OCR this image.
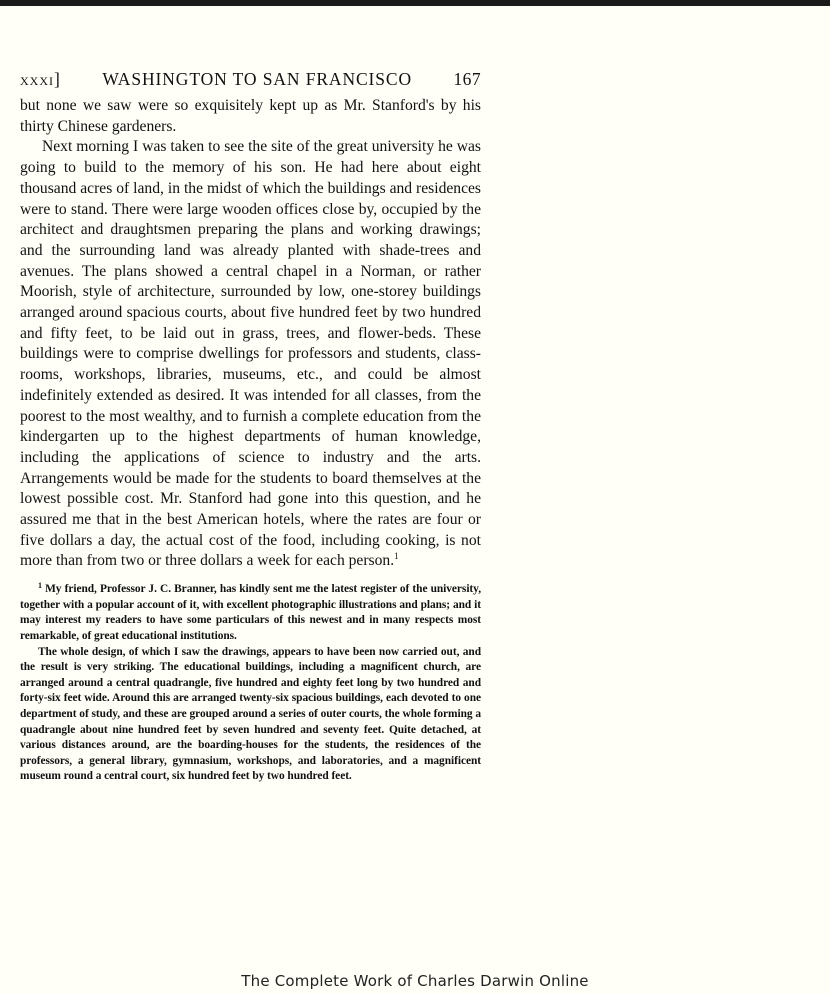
xxxi] WASHINGTON TO SAN FRANCISCO 167

but none we saw were so exquisitely kept up as Mr. Stanford's by his thirty Chinese gardeners.

Next morning I was taken to see the site of the great university he was going to build to the memory of his son. He had here about eight thousand acres of land, in the midst of which the buildings and residences were to stand. There were large wooden offices close by, occupied by the architect and draughtsmen preparing the plans and working drawings; and the surrounding land was already planted with shade-trees and avenues. The plans showed a central chapel in a Norman, or rather Moorish, style of architecture, surrounded by low, one-storey buildings arranged around spacious courts, about five hundred feet by two hundred and fifty feet, to be laid out in grass, trees, and flower-beds. These buildings were to comprise dwellings for professors and students, class-rooms, workshops, libraries, museums, etc., and could be almost indefinitely extended as desired. It was intended for all classes, from the poorest to the most wealthy, and to furnish a complete education from the kindergarten up to the highest departments of human knowledge, including the applications of science to industry and the arts. Arrangements would be made for the students to board themselves at the lowest possible cost. Mr. Stanford had gone into this question, and he assured me that in the best American hotels, where the rates are four or five dollars a day, the actual cost of the food, including cooking, is not more than from two or three dollars a week for each person.$^1$

$^1$ My friend, Professor J. C. Branner, has kindly sent me the latest register of the university, together with a popular account of it, with excellent photographic illustrations and plans; and it may interest my readers to have some particulars of this newest and in many respects most remarkable, of great educational institutions.

The whole design, of which I saw the drawings, appears to have been now carried out, and the result is very striking. The educational buildings, including a magnificent church, are arranged around a central quadrangle, five hundred and eighty feet long by two hundred and forty-six feet wide. Around this are arranged twenty-six spacious buildings, each devoted to one department of study, and these are grouped around a series of outer courts, the whole forming a quadrangle about nine hundred feet by seven hundred and seventy feet. Quite detached, at various distances around, are the boarding-houses for the students, the residences of the professors, a general library, gymnasium, workshops, and laboratories, and a magnificent museum round a central court, six hundred feet by two hundred feet.

The Complete Work of Charles Darwin Online
